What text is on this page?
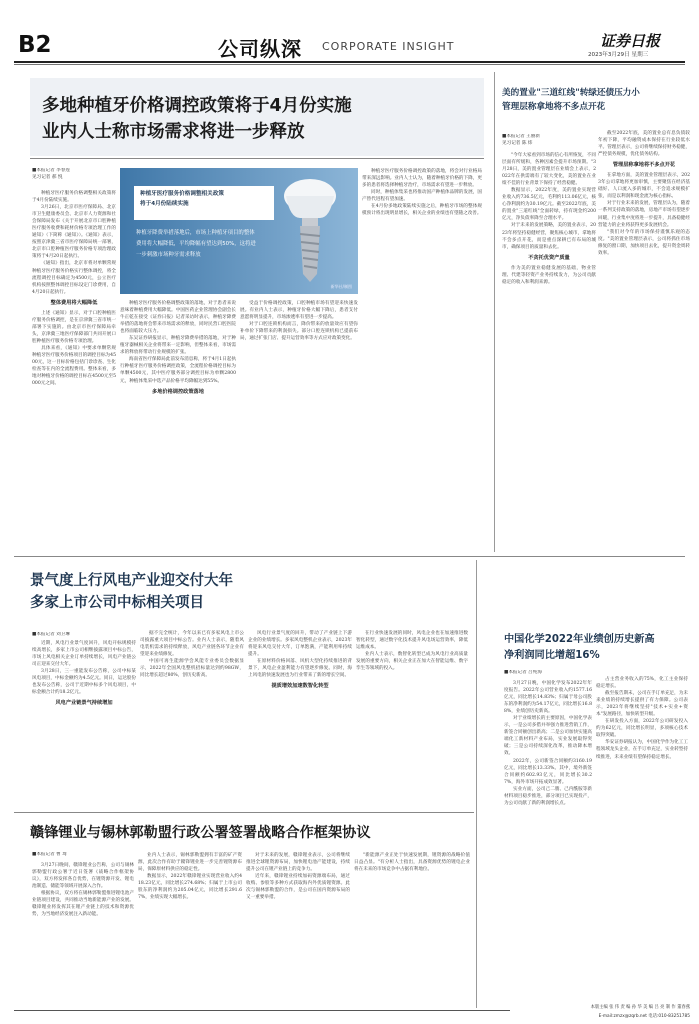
B2	公司纵深 CORPORATE INSIGHT	证券日报
2023年3月29日 星期三
多地种植牙价格调控政策将于4月份实施
业内人士称市场需求将进一步释放
■本报记者 李春莲
见习记者 郝 悦

种植牙医疗服务价格调整相关政策将于4月份陆续实施。

3月26日，北京市医疗保障局、北京市卫生健康委员会、北京市人力资源和社会保障局发布《关于开展北京市口腔种植医疗服务收费和耗材价格专项治理工作的通知》（下简称《通知》）。《通知》表示，按照京津冀三省市医疗保障局统一部署，北京市口腔种植医疗服务价格专项治理政策将于4月20日起执行。

《通知》指出，北京市将对单颗常规种植牙医疗服务价格实行整体调控，将全流程调控目标确定为4500元，公立医疗机构按照整体调控目标设定门诊费用，自4月20日起执行。

整体费用将大幅降低

上述《通知》显示，对于口腔种植医疗服务价格调控，是在京津冀三省市统一部署下实施的。由北京市医疗保障局牵头，京津冀三地医疗保障部门共同开展口腔种植医疗服务价格专项治理。

具体来看，《通知》中要求单颗常规种植牙医疗服务价格项目的调控目标为4500元，这一目标价格包括门诊诊查、生化检查等在内的全流程费用。整体来看，多地对种植牙价格的调控目标在4500元至5000元之间。

种植牙医疗服务价格调整相关政策
将于4月份陆续实施
种植牙降费举措落地后，市场上种植牙项目的整体费用将大幅降低，平均降幅有望达到50%，这将进一步刺激市场种牙需求释放
新华社/制图

种植牙医疗服务价格调整政策的落地，对于患者来说意味着种植费用大幅降低。中国医药企业管理协会副会长牛正乾在接受《证券日报》记者采访时表示，种植牙降费举措的落地将会带来市场需求的释放，同时民营口腔医院也将面临较大压力。

东吴证券研报显示，种植牙降费举措的落地，对于种植牙器械相关企业将带来一定影响，但整体来看，市场需求的释放将带动行业规模的扩张。

海南省医疗保障局此前发布消息称，将于4月1日起执行种植牙医疗服务价格调控政策，全流程价格调控目标为单颗4500元，其中医疗服务部分调控目标为单颗2800元，种植体集采中选产品价格平均降幅达到55%。

多地价格调控政策落地

受益于价格调控政策，口腔种植市场有望迎来快速发展。有业内人士表示，种植牙价格大幅下降后，患者支付意愿将明显提升，市场渗透率有望进一步提高。

对于口腔连锁机构而言，降价带来的放量效应有望弥补单价下降带来的利润损失。部分口腔连锁机构已提前布局，通过扩张门店、提升运营效率等方式应对政策变化。

种植牙医疗服务价格调控政策的落地，将会对行业格局带来深远影响。业内人士认为，随着种植牙价格的下降，更多的患者将选择种植牙治疗，市场需求有望进一步释放。

同时，种植体集采也将推动国产种植体品牌的发展，国产替代进程有望加速。

在4月份多地政策陆续实施之后，种植牙市场的整体规模预计将出现明显增长，相关企业的业绩也有望随之改善。

美的置业"三道红线"转绿还债压力小
管理层称拿地将不多点开花
■本报记者 王丽新
见习记者 陈 炜

"今年大家看到市场的信心有所恢复，不同层面有所缓和，各种因素会提升市场预期。"3月28日，美的置业管理层在业绩会上表示，2022年在供需端有了较大变化，美的置业在业绩不佳的行业背景下保持了经营稳健。

数据显示，2022年度，美的置业实现营业收入约736.5亿元，毛利约113.06亿元，核心净利润约为30.19亿元。截至2022年底，美的置业"三道红线"全面转绿，持有现金约200亿元，净负债率降至合理水平。

对于未来的发展策略，美的置业表示，2023年将坚持稳健经营，聚焦核心城市，拿地将不会多点开花，而是重点深耕已有布局的城市，确保项目的质量和去化。

不贪托优资产质量

作为美的置业稳健发展的基础，物业管理、代建等轻资产业务持续发力，为公司贡献稳定的收入和利润来源。

截至2022年底，美的置业总有息负债较年初下降，平均融资成本保持在行业较低水平。管理层表示，公司将继续保持财务稳健，严控债务规模，优化债务结构。

管理层称拿地将不多点开花

在拿地方面，美的置业管理层表示，2023年公司拿地将更加审慎，主要聚焦在经济基础好、人口流入多的城市，不会追求规模扩张，而是以利润和现金流为核心指标。

对于行业未来的发展，管理层认为，随着一系列支持政策的落地，房地产市场有望逐步回暖，行业集中度将进一步提升，具备稳健经营能力的企业将获得更多发展机会。

"我们对今年的市场保持谨慎乐观的态度。"美的置业管理层表示，公司将抓住市场修复的窗口期，加快项目去化，提升资金周转效率。

景气度上行风电产业迎交付大年
多家上市公司中标相关项目
■本报记者 刘卫琳

近期，风电行业景气度回升，风电开标规模持续高增长，多家上市公司相继披露项目中标公告，市场上风电相关企业订单持续增长，风电产业链公司正迎来交付大年。

3月28日，三一重能发布公告称，公司中标某风电项目，中标金额约为4.5亿元。同日，运达股份也发布公告称，公司于近期中标多个风电项目，中标金额合计约18.2亿元。

风电产业链景气持续增加

据不完全统计，今年以来已有多家风电上市公司披露重大项目中标公告。业内人士表示，随着风电装机需求的持续释放，风电产业链各环节企业有望迎来业绩修复。

中国可再生能源学会风能专业委员会数据显示，2022年全国风电整机招标量达到约98GW，同比增长超过80%，创历史新高。

风电行业景气度的回升，带动了产业链上下游企业的业绩增长。多家风电整机企业表示，2023年将迎来风电交付大年，订单饱满，产能利用率持续提升。

在原材料价格回落、风机大型化持续推进的背景下，风电企业盈利能力有望逐步修复。同时，海上风电的快速发展也为行业带来了新的增长空间。

提质增效加速数智化转型

在行业快速发展的同时，风电企业也在加速推进数智化转型，通过数字化技术提升风电场运营效率，降低运维成本。

业内人士表示，数智化转型已成为风电行业高质量发展的重要方向，相关企业正在加大在智能运维、数字孪生等领域的投入。

中国化学2022年业绩创历史新高
净利润同比增超16%
■本报记者 吕纯海

3月27日晚，中国化学发布2022年年度报告。2022年公司营业收入约1577.16亿元，同比增长14.83%；归属于母公司股东的净利润约为54.17亿元，同比增长16.88%，业绩创历史新高。

对于业绩增长的主要原因，中国化学表示，一是公司多措并举强力推进营销工作，新签合同额创出新高；二是公司加快实施高端化工新材料产业布局，实业发展取得突破；三是公司持续深化改革，推动降本增效。

2022年，公司新签合同额约3160.19亿元，同比增长13.33%。其中，境外新签合同额约602.93亿元，同比增长30.27%，海外市场开拓成效显著。

实业方面，公司己二腈、己内酰胺等新材料项目稳步推进，部分项目已实现投产，为公司贡献了新的利润增长点。

占主营业务收入的75%，化工主业保持稳定增长。

截至报告期末，公司在手订单充足，为未来业绩的持续增长提供了有力保障。公司表示，2023年将继续坚持"技术+实业+资本"发展路径，加快转型升级。

在研发投入方面，2022年公司研发投入约为62亿元，同比增长明显，多项核心技术取得突破。

华安证券研报认为，中国化学作为化工工程领域龙头企业，在手订单充足，实业转型持续推进，未来业绩有望保持稳定增长。

赣锋锂业与锡林郭勒盟行政公署签署战略合作框架协议
■本报记者 曹 琦

3月27日晚间，赣锋锂业公告称，公司与锡林郭勒盟行政公署于近日签署《战略合作框架协议》，双方将发挥各自优势，在锂资源开发、锂电池制造、储能等领域开展深入合作。

根据协议，双方将在锡林郭勒盟推进锂电池产业链项目建设，共同推动当地新能源产业的发展。赣锋锂业将发挥其在锂产业链上的技术和资源优势，为当地经济发展注入新动能。

业内人士表示，锡林郭勒盟拥有丰富的矿产资源，此次合作有助于赣锋锂业进一步完善锂资源布局，保障原材料供应的稳定性。

数据显示，2022年赣锋锂业实现营业收入约418.23亿元，同比增长274.68%；归属于上市公司股东的净利润约为205.04亿元，同比增长291.67%，业绩实现大幅增长。

对于未来的发展，赣锋锂业表示，公司将继续推进全球锂资源布局，加快锂电池产能建设，持续提升公司在锂产业链上的竞争力。

近年来，赣锋锂业持续加码资源端布局，通过收购、参股等多种方式获取海内外优质锂资源。此次与锡林郭勒盟的合作，是公司在国内资源布局的又一重要举措。

"新能源产业正处于快速发展期，锂资源的战略价值日益凸显。"有分析人士指出，具备资源优势的锂电企业将在未来的市场竞争中占据有利地位。

本版主编 张 伟 责 编 孙 华 美 编 吕 亮 制 作 董春燕
E-mail:zmzx@zqrb.net 电话:010-83251785
